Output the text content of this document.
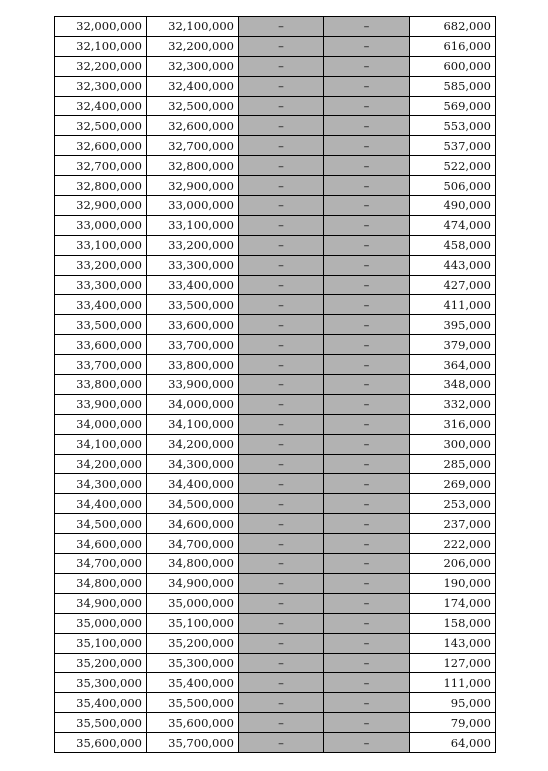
32,000,000	32,100,000	–	–	682,000
32,100,000	32,200,000	–	–	616,000
32,200,000	32,300,000	–	–	600,000
32,300,000	32,400,000	–	–	585,000
32,400,000	32,500,000	–	–	569,000
32,500,000	32,600,000	–	–	553,000
32,600,000	32,700,000	–	–	537,000
32,700,000	32,800,000	–	–	522,000
32,800,000	32,900,000	–	–	506,000
32,900,000	33,000,000	–	–	490,000
33,000,000	33,100,000	–	–	474,000
33,100,000	33,200,000	–	–	458,000
33,200,000	33,300,000	–	–	443,000
33,300,000	33,400,000	–	–	427,000
33,400,000	33,500,000	–	–	411,000
33,500,000	33,600,000	–	–	395,000
33,600,000	33,700,000	–	–	379,000
33,700,000	33,800,000	–	–	364,000
33,800,000	33,900,000	–	–	348,000
33,900,000	34,000,000	–	–	332,000
34,000,000	34,100,000	–	–	316,000
34,100,000	34,200,000	–	–	300,000
34,200,000	34,300,000	–	–	285,000
34,300,000	34,400,000	–	–	269,000
34,400,000	34,500,000	–	–	253,000
34,500,000	34,600,000	–	–	237,000
34,600,000	34,700,000	–	–	222,000
34,700,000	34,800,000	–	–	206,000
34,800,000	34,900,000	–	–	190,000
34,900,000	35,000,000	–	–	174,000
35,000,000	35,100,000	–	–	158,000
35,100,000	35,200,000	–	–	143,000
35,200,000	35,300,000	–	–	127,000
35,300,000	35,400,000	–	–	111,000
35,400,000	35,500,000	–	–	95,000
35,500,000	35,600,000	–	–	79,000
35,600,000	35,700,000	–	–	64,000
